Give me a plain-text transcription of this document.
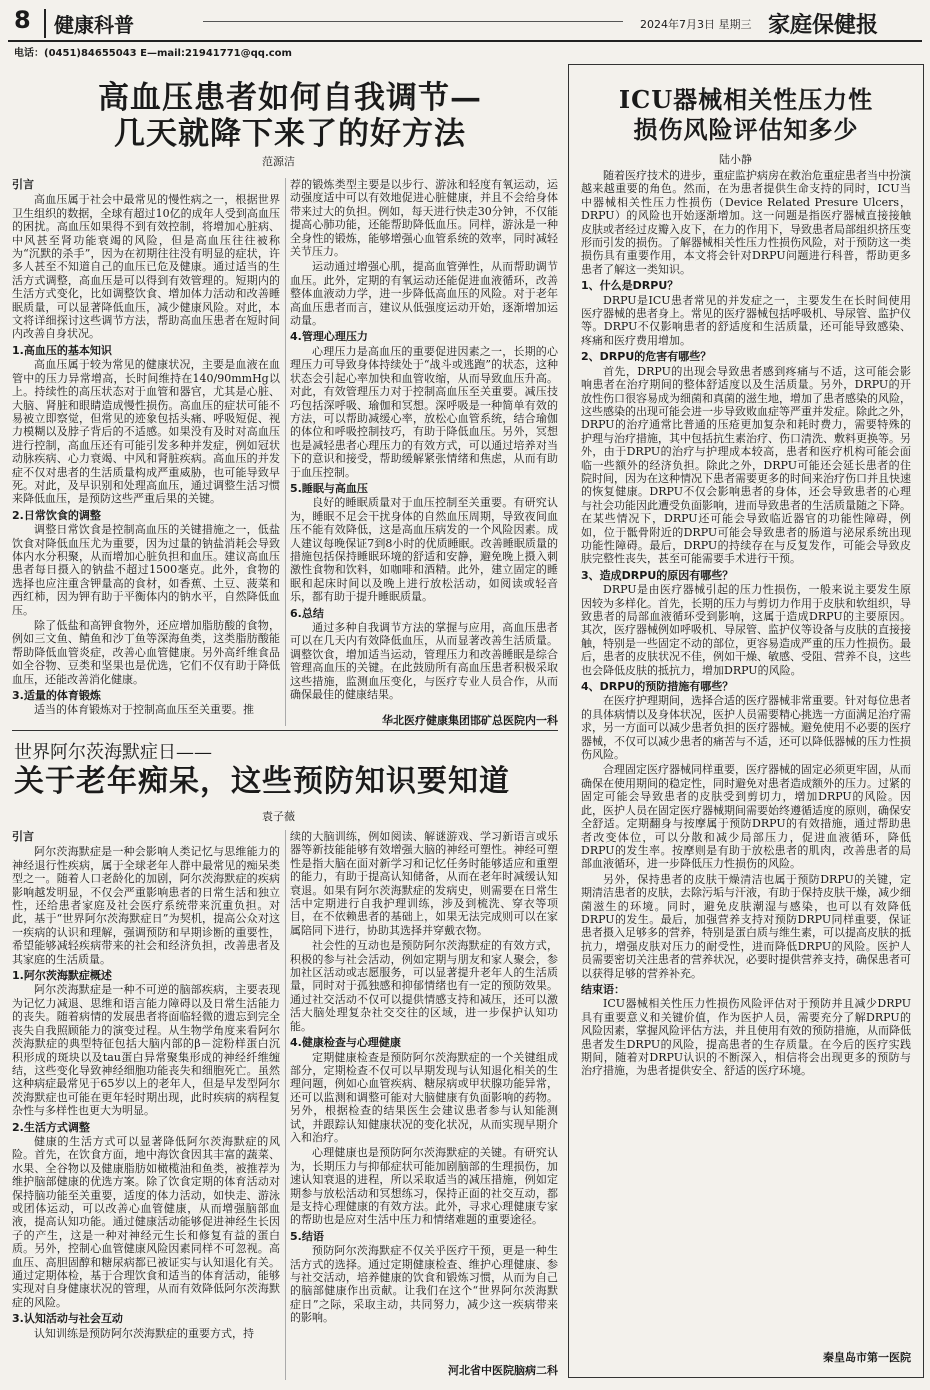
8	健康科普	2024年7月3日 星期三 家庭保健报
电话：(0451)84655043 E—mail:21941771@qq.com
高血压患者如何自我调节—
几天就降下来了的好方法
范源洁

引言

高血压属于社会中最常见的慢性病之一，根据世界卫生组织的数据，全球有超过10亿的成年人受到高血压的困扰。高血压如果得不到有效控制，将增加心脏病、中风甚至肾功能衰竭的风险，但是高血压往往被称为“沉默的杀手”，因为在初期往往没有明显的症状，许多人甚至不知道自己的血压已危及健康。通过适当的生活方式调整，高血压是可以得到有效管理的。短期内的生活方式变化，比如调整饮食、增加体力活动和改善睡眠质量，可以显著降低血压，减少健康风险。对此，本文将详细探讨这些调节方法，帮助高血压患者在短时间内改善自身状况。

1.高血压的基本知识

高血压属于较为常见的健康状况，主要是血液在血管中的压力异常增高，长时间维持在140/90mmHg以上。持续性的高压状态对于血管和器官，尤其是心脏、大脑、肾脏和眼睛造成慢性损伤。高血压的症状可能不易被立即察觉，但常见的迹象包括头痛、呼吸短促、视力模糊以及脖子背后的不适感。如果没有及时对高血压进行控制，高血压还有可能引发多种并发症，例如冠状动脉疾病、心力衰竭、中风和肾脏疾病。高血压的并发症不仅对患者的生活质量构成严重威胁，也可能导致早死。对此，及早识别和处理高血压，通过调整生活习惯来降低血压，是预防这些严重后果的关键。

2.日常饮食的调整

调整日常饮食是控制高血压的关键措施之一，低盐饮食对降低血压尤为重要，因为过量的钠盐消耗会导致体内水分积聚，从而增加心脏负担和血压。建议高血压患者每日摄入的钠盐不超过1500毫克。此外，食物的选择也应注重含钾量高的食材，如香蕉、土豆、菠菜和西红柿，因为钾有助于平衡体内的钠水平，自然降低血压。

除了低盐和高钾食物外，还应增加脂肪酸的食物，例如三文鱼、鲭鱼和沙丁鱼等深海鱼类，这类脂肪酸能帮助降低血管炎症，改善心血管健康。另外高纤维食品如全谷物、豆类和坚果也是优选，它们不仅有助于降低血压，还能改善消化健康。

3.适量的体育锻炼

适当的体育锻炼对于控制高血压至关重要。推

荐的锻炼类型主要是以步行、游泳和轻度有氧运动，运动强度适中可以有效地促进心脏健康，并且不会给身体带来过大的负担。例如，每天进行快走30分钟，不仅能提高心肺功能，还能帮助降低血压。同样，游泳是一种全身性的锻炼，能够增强心血管系统的效率，同时减轻关节压力。

运动通过增强心肌，提高血管弹性，从而帮助调节血压。此外，定期的有氧运动还能促进血液循环，改善整体血液动力学，进一步降低高血压的风险。对于老年高血压患者而言，建议从低强度运动开始，逐渐增加运动量。

4.管理心理压力

心理压力是高血压的重要促进因素之一，长期的心理压力可导致身体持续处于“战斗或逃跑”的状态，这种状态会引起心率加快和血管收缩，从而导致血压升高。对此，有效管理压力对于控制高血压至关重要。减压技巧包括深呼吸、瑜伽和冥想。深呼吸是一种简单有效的方法，可以帮助减缓心率，放松心血管系统，结合瑜伽的体位和呼吸控制技巧，有助于降低血压。另外，冥想也是减轻患者心理压力的有效方式，可以通过培养对当下的意识和接受，帮助缓解紧张情绪和焦虑，从而有助于血压控制。

5.睡眠与高血压

良好的睡眠质量对于血压控制至关重要。有研究认为，睡眠不足会干扰身体的自然血压周期，导致夜间血压不能有效降低，这是高血压病发的一个风险因素。成人建议每晚保证7到8小时的优质睡眠。改善睡眠质量的措施包括保持睡眠环境的舒适和安静，避免晚上摄入刺激性食物和饮料，如咖啡和酒精。此外，建立固定的睡眠和起床时间以及晚上进行放松活动，如阅读或轻音乐，都有助于提升睡眠质量。

6.总结

通过多种自我调节方法的掌握与应用，高血压患者可以在几天内有效降低血压，从而显著改善生活质量。调整饮食，增加适当运动，管理压力和改善睡眠是综合管理高血压的关键。在此鼓励所有高血压患者积极采取这些措施，监测血压变化，与医疗专业人员合作，从而确保最佳的健康结果。

华北医疗健康集团邯矿总医院内一科
世界阿尔茨海默症日——
关于老年痴呆，这些预防知识要知道
袁子薇

引言

阿尔茨海默症是一种会影响人类记忆与思维能力的神经退行性疾病，属于全球老年人群中最常见的痴呆类型之一。随着人口老龄化的加剧，阿尔茨海默症的疾病影响越发明显，不仅会严重影响患者的日常生活和独立性，还给患者家庭及社会医疗系统带来沉重负担。对此，基于“世界阿尔茨海默症日”为契机，提高公众对这一疾病的认识和理解，强调预防和早期诊断的重要性，希望能够减轻疾病带来的社会和经济负担，改善患者及其家庭的生活质量。

1.阿尔茨海默症概述

阿尔茨海默症是一种不可逆的脑部疾病，主要表现为记忆力减退、思维和语言能力障碍以及日常生活能力的丧失。随着病情的发展患者将面临轻微的遗忘到完全丧失自我照顾能力的演变过程。从生物学角度来看阿尔茨海默症的典型特征包括大脑内部的β－淀粉样蛋白沉积形成的斑块以及tau蛋白异常聚集形成的神经纤维缠结，这些变化导致神经细胞功能丧失和细胞死亡。虽然这种病症最常见于65岁以上的老年人，但是早发型阿尔茨海默症也可能在更年轻时期出现，此时疾病的病程复杂性与多样性也更大为明显。

2.生活方式调整

健康的生活方式可以显著降低阿尔茨海默症的风险。首先，在饮食方面，地中海饮食因其丰富的蔬菜、水果、全谷物以及健康脂肪如橄榄油和鱼类，被推荐为维护脑部健康的优选方案。除了饮食定期的体育活动对保持脑功能至关重要，适度的体力活动，如快走、游泳或团体运动，可以改善心血管健康，从而增强脑部血液，提高认知功能。通过健康活动能够促进神经生长因子的产生，这是一种对神经元生长和修复有益的蛋白质。另外，控制心血管健康风险因素同样不可忽视。高血压、高胆固醇和糖尿病都已被证实与认知退化有关。通过定期体检，基于合理饮食和适当的体育活动，能够实现对自身健康状况的管理，从而有效降低阿尔茨海默症的风险。

3.认知活动与社会互动

认知训练是预防阿尔茨海默症的重要方式，持

续的大脑训练，例如阅读、解谜游戏、学习新语言或乐器等新技能能够有效增强大脑的神经可塑性。神经可塑性是指大脑在面对新学习和记忆任务时能够适应和重塑的能力，有助于提高认知储备，从而在老年时减缓认知衰退。如果有阿尔茨海默症的发病史，则需要在日常生活中定期进行自我护理训练，涉及到梳洗、穿衣等项目，在不依赖患者的基础上，如果无法完成则可以在家属陪同下进行，协助其选择并穿戴衣物。

社会性的互动也是预防阿尔茨海默症的有效方式，积极的参与社会活动，例如定期与朋友和家人聚会，参加社区活动或志愿服务，可以显著提升老年人的生活质量，同时对于孤独感和抑郁情绪也有一定的预防效果。通过社交活动不仅可以提供情感支持和减压，还可以激活大脑处理复杂社交交往的区域，进一步保护认知功能。

4.健康检查与心理健康

定期健康检查是预防阿尔茨海默症的一个关键组成部分，定期检查不仅可以早期发现与认知退化相关的生理问题，例如心血管疾病、糖尿病或甲状腺功能异常，还可以监测和调整可能对大脑健康有负面影响的药物。另外，根据检查的结果医生会建议患者参与认知能测试，并跟踪认知健康状况的变化状况，从而实现早期介入和治疗。

心理健康也是预防阿尔茨海默症的关键。有研究认为，长期压力与抑郁症状可能加剧脑部的生理损伤，加速认知衰退的进程，所以采取适当的减压措施，例如定期参与放松活动和冥想练习，保持正面的社交互动，都是支持心理健康的有效方法。此外，寻求心理健康专家的帮助也是应对生活中压力和情绪难题的重要途径。

5.结语

预防阿尔茨海默症不仅关乎医疗干预，更是一种生活方式的选择。通过定期健康检查、维护心理健康、参与社交活动，培养健康的饮食和锻炼习惯，从而为自己的脑部健康作出贡献。让我们在这个“世界阿尔茨海默症日”之际，采取主动，共同努力，减少这一疾病带来的影响。

河北省中医院脑病二科
ICU器械相关性压力性
损伤风险评估知多少
陆小静

随着医疗技术的进步，重症监护病房在救治危重症患者当中扮演越来越重要的角色。然而，在为患者提供生命支持的同时，ICU当中器械相关性压力性损伤（Device Related Presure Ulcers，DRPU）的风险也开始逐渐增加。这一问题是指医疗器械直接接触皮肤或者经过皮瓣入皮下，在力的作用下，导致患者局部组织挤压变形而引发的损伤。了解器械相关性压力性损伤风险，对于预防这一类损伤具有重要作用，本文将会针对DRPU问题进行科普，帮助更多患者了解这一类知识。

1、什么是DRPU？

DRPU是ICU患者常见的并发症之一，主要发生在长时间使用医疗器械的患者身上。常见的医疗器械包括呼吸机、导尿管、监护仪等。DRPU不仅影响患者的舒适度和生活质量，还可能导致感染、疼痛和医疗费用增加。

2、DRPU的危害有哪些？

首先，DRPU的出现会导致患者感到疼痛与不适，这可能会影响患者在治疗期间的整体舒适度以及生活质量。另外，DRPU的开放性伤口很容易成为细菌和真菌的滋生地，增加了患者感染的风险，这些感染的出现可能会进一步导致败血症等严重并发症。除此之外，DRPU的治疗通常比普通的压疮更加复杂和耗时费力，需要特殊的护理与治疗措施，其中包括抗生素治疗、伤口清洗、敷料更换等。另外，由于DRPU的治疗与护理成本较高，患者和医疗机构可能会面临一些额外的经济负担。除此之外，DRPU可能还会延长患者的住院时间，因为在这种情况下患者需要更多的时间来治疗伤口并且快速的恢复健康。DRPU不仅会影响患者的身体，还会导致患者的心理与社会功能因此遭受负面影响，进而导致患者的生活质量随之下降。在某些情况下，DRPU还可能会导致临近器官的功能性障碍，例如，位于骶骨附近的DRPU可能会导致患者的肠道与泌尿系统出现功能性障碍。最后，DRPU的持续存在与反复发作，可能会导致皮肤完整性丧失，甚至可能需要手术进行干预。

3、造成DRPU的原因有哪些？

DRPU是由医疗器械引起的压力性损伤，一般来说主要发生原因较为多样化。首先，长期的压力与剪切力作用于皮肤和软组织，导致患者的局部血液循环受到影响，这属于造成DRPU的主要原因。其次，医疗器械例如呼吸机、导尿管、监护仪等设备与皮肤的直接接触，特别是一些固定不动的部位，更容易造成严重的压力性损伤。最后，患者的皮肤状况不佳，例如干燥、敏感、受阻、营养不良，这些也会降低皮肤的抵抗力，增加DRPU的风险。

4、DRPU的预防措施有哪些？

在医疗护理期间，选择合适的医疗器械非常重要。针对每位患者的具体病情以及身体状况，医护人员需要精心挑选一方面满足治疗需求，另一方面可以减少患者负担的医疗器械。避免使用不必要的医疗器械，不仅可以减少患者的痛苦与不适，还可以降低器械的压力性损伤风险。

合理固定医疗器械同样重要，医疗器械的固定必须更牢固，从而确保在使用期间的稳定性，同时避免对患者造成额外的压力。过紧的固定可能会导致患者的皮肤受到剪切力，增加DRPU的风险。因此，医护人员在固定医疗器械期间需要始终遵循适度的原则，确保安全舒适。定期翻身与按摩属于预防DRPU的有效措施，通过帮助患者改变体位，可以分散和减少局部压力，促进血液循环，降低DRPU的发生率。按摩则是有助于放松患者的肌肉，改善患者的局部血液循环，进一步降低压力性损伤的风险。

另外，保持患者的皮肤干燥清洁也属于预防DRPU的关键，定期清洁患者的皮肤，去除污垢与汗液，有助于保持皮肤干燥，减少细菌滋生的环境。同时，避免皮肤潮湿与感染，也可以有效降低DRPU的发生。最后，加强营养支持对预防DRPU同样重要，保证患者摄入足够多的营养，特别是蛋白质与维生素，可以提高皮肤的抵抗力，增强皮肤对压力的耐受性，进而降低DRPU的风险。医护人员需要密切关注患者的营养状况，必要时提供营养支持，确保患者可以获得足够的营养补充。

结束语：

ICU器械相关性压力性损伤风险评估对于预防并且减少DRPU具有重要意义和关键价值，作为医护人员，需要充分了解DRPU的风险因素，掌握风险评估方法，并且使用有效的预防措施，从而降低患者发生DRPU的风险，提高患者的生存质量。在今后的医疗实践期间，随着对DRPU认识的不断深入，相信将会出现更多的预防与治疗措施，为患者提供安全、舒适的医疗环境。

秦皇岛市第一医院
